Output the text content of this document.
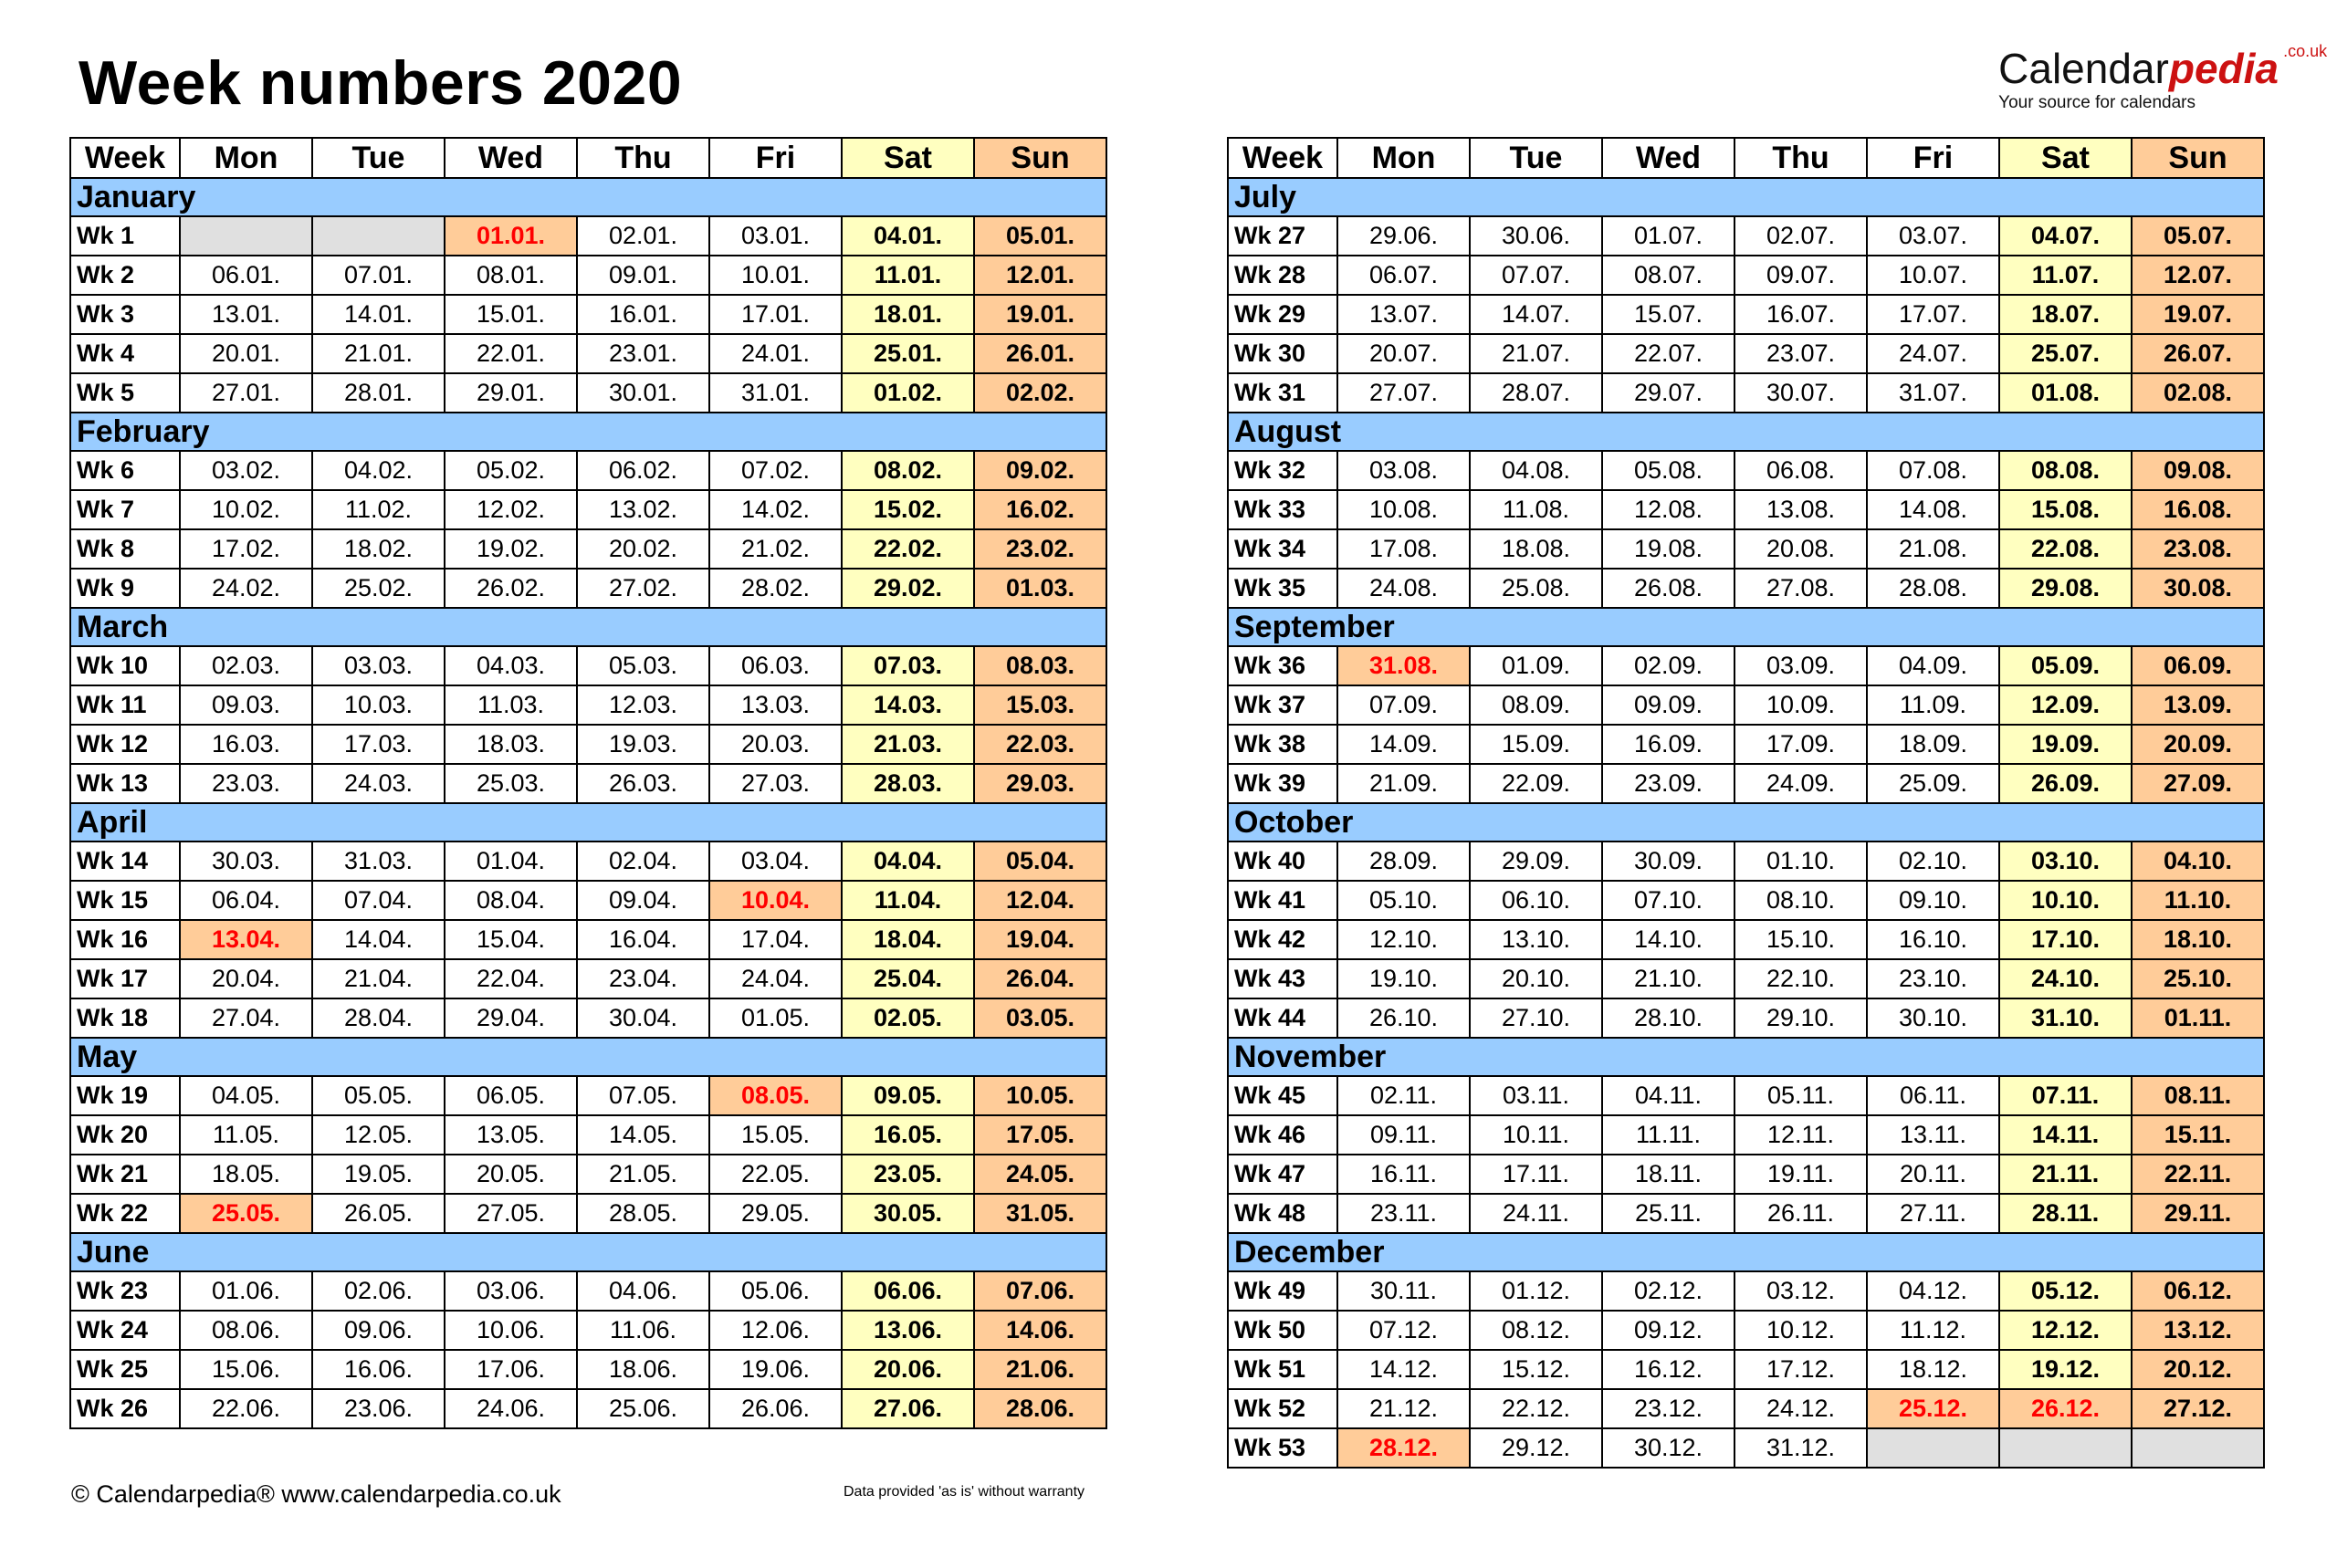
Week numbers 2020	Calendarpedia .co.uk
Your source for calendars
Week	Mon	Tue	Wed	Thu	Fri	Sat	Sun
January							
Wk 1			01.01.	02.01.	03.01.	04.01.	05.01.
Wk 2	06.01.	07.01.	08.01.	09.01.	10.01.	11.01.	12.01.
Wk 3	13.01.	14.01.	15.01.	16.01.	17.01.	18.01.	19.01.
Wk 4	20.01.	21.01.	22.01.	23.01.	24.01.	25.01.	26.01.
Wk 5	27.01.	28.01.	29.01.	30.01.	31.01.	01.02.	02.02.
February							
Wk 6	03.02.	04.02.	05.02.	06.02.	07.02.	08.02.	09.02.
Wk 7	10.02.	11.02.	12.02.	13.02.	14.02.	15.02.	16.02.
Wk 8	17.02.	18.02.	19.02.	20.02.	21.02.	22.02.	23.02.
Wk 9	24.02.	25.02.	26.02.	27.02.	28.02.	29.02.	01.03.
March							
Wk 10	02.03.	03.03.	04.03.	05.03.	06.03.	07.03.	08.03.
Wk 11	09.03.	10.03.	11.03.	12.03.	13.03.	14.03.	15.03.
Wk 12	16.03.	17.03.	18.03.	19.03.	20.03.	21.03.	22.03.
Wk 13	23.03.	24.03.	25.03.	26.03.	27.03.	28.03.	29.03.
April							
Wk 14	30.03.	31.03.	01.04.	02.04.	03.04.	04.04.	05.04.
Wk 15	06.04.	07.04.	08.04.	09.04.	10.04.	11.04.	12.04.
Wk 16	13.04.	14.04.	15.04.	16.04.	17.04.	18.04.	19.04.
Wk 17	20.04.	21.04.	22.04.	23.04.	24.04.	25.04.	26.04.
Wk 18	27.04.	28.04.	29.04.	30.04.	01.05.	02.05.	03.05.
May							
Wk 19	04.05.	05.05.	06.05.	07.05.	08.05.	09.05.	10.05.
Wk 20	11.05.	12.05.	13.05.	14.05.	15.05.	16.05.	17.05.
Wk 21	18.05.	19.05.	20.05.	21.05.	22.05.	23.05.	24.05.
Wk 22	25.05.	26.05.	27.05.	28.05.	29.05.	30.05.	31.05.
June							
Wk 23	01.06.	02.06.	03.06.	04.06.	05.06.	06.06.	07.06.
Wk 24	08.06.	09.06.	10.06.	11.06.	12.06.	13.06.	14.06.
Wk 25	15.06.	16.06.	17.06.	18.06.	19.06.	20.06.	21.06.
Wk 26	22.06.	23.06.	24.06.	25.06.	26.06.	27.06.	28.06.
Week	Mon	Tue	Wed	Thu	Fri	Sat	Sun
July							
Wk 27	29.06.	30.06.	01.07.	02.07.	03.07.	04.07.	05.07.
Wk 28	06.07.	07.07.	08.07.	09.07.	10.07.	11.07.	12.07.
Wk 29	13.07.	14.07.	15.07.	16.07.	17.07.	18.07.	19.07.
Wk 30	20.07.	21.07.	22.07.	23.07.	24.07.	25.07.	26.07.
Wk 31	27.07.	28.07.	29.07.	30.07.	31.07.	01.08.	02.08.
August							
Wk 32	03.08.	04.08.	05.08.	06.08.	07.08.	08.08.	09.08.
Wk 33	10.08.	11.08.	12.08.	13.08.	14.08.	15.08.	16.08.
Wk 34	17.08.	18.08.	19.08.	20.08.	21.08.	22.08.	23.08.
Wk 35	24.08.	25.08.	26.08.	27.08.	28.08.	29.08.	30.08.
September							
Wk 36	31.08.	01.09.	02.09.	03.09.	04.09.	05.09.	06.09.
Wk 37	07.09.	08.09.	09.09.	10.09.	11.09.	12.09.	13.09.
Wk 38	14.09.	15.09.	16.09.	17.09.	18.09.	19.09.	20.09.
Wk 39	21.09.	22.09.	23.09.	24.09.	25.09.	26.09.	27.09.
October							
Wk 40	28.09.	29.09.	30.09.	01.10.	02.10.	03.10.	04.10.
Wk 41	05.10.	06.10.	07.10.	08.10.	09.10.	10.10.	11.10.
Wk 42	12.10.	13.10.	14.10.	15.10.	16.10.	17.10.	18.10.
Wk 43	19.10.	20.10.	21.10.	22.10.	23.10.	24.10.	25.10.
Wk 44	26.10.	27.10.	28.10.	29.10.	30.10.	31.10.	01.11.
November							
Wk 45	02.11.	03.11.	04.11.	05.11.	06.11.	07.11.	08.11.
Wk 46	09.11.	10.11.	11.11.	12.11.	13.11.	14.11.	15.11.
Wk 47	16.11.	17.11.	18.11.	19.11.	20.11.	21.11.	22.11.
Wk 48	23.11.	24.11.	25.11.	26.11.	27.11.	28.11.	29.11.
December							
Wk 49	30.11.	01.12.	02.12.	03.12.	04.12.	05.12.	06.12.
Wk 50	07.12.	08.12.	09.12.	10.12.	11.12.	12.12.	13.12.
Wk 51	14.12.	15.12.	16.12.	17.12.	18.12.	19.12.	20.12.
Wk 52	21.12.	22.12.	23.12.	24.12.	25.12.	26.12.	27.12.
Wk 53	28.12.	29.12.	30.12.	31.12.			
© Calendarpedia® www.calendarpedia.co.uk	Data provided 'as is' without warranty
